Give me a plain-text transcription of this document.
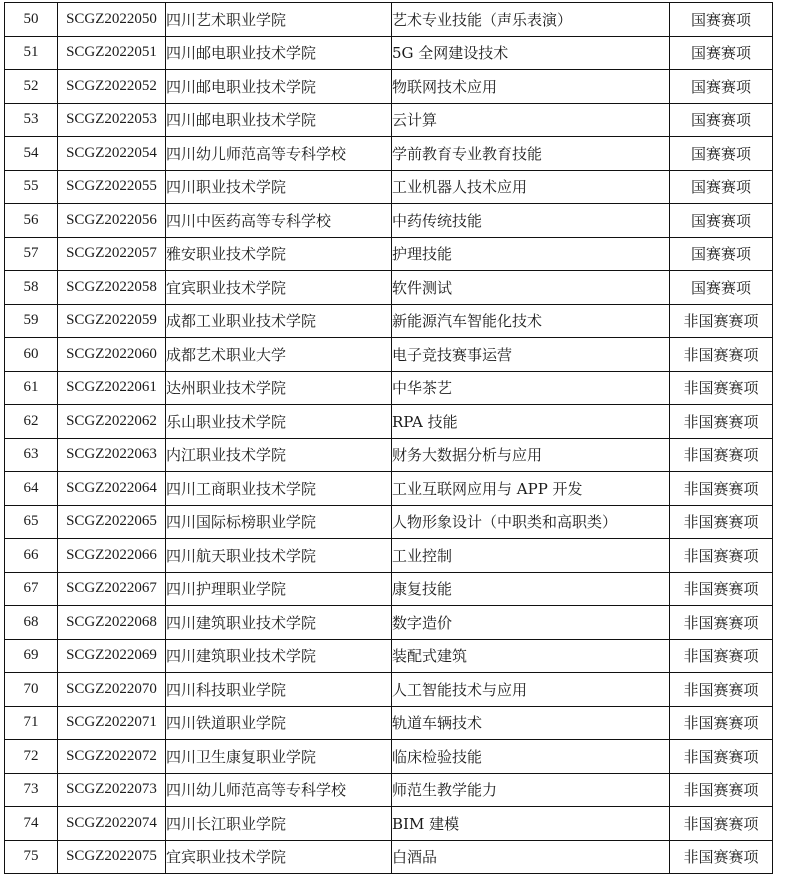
50	SCGZ2022050	四川艺术职业学院	艺术专业技能（声乐表演）	国赛赛项
51	SCGZ2022051	四川邮电职业技术学院	5G 全网建设技术	国赛赛项
52	SCGZ2022052	四川邮电职业技术学院	物联网技术应用	国赛赛项
53	SCGZ2022053	四川邮电职业技术学院	云计算	国赛赛项
54	SCGZ2022054	四川幼儿师范高等专科学校	学前教育专业教育技能	国赛赛项
55	SCGZ2022055	四川职业技术学院	工业机器人技术应用	国赛赛项
56	SCGZ2022056	四川中医药高等专科学校	中药传统技能	国赛赛项
57	SCGZ2022057	雅安职业技术学院	护理技能	国赛赛项
58	SCGZ2022058	宜宾职业技术学院	软件测试	国赛赛项
59	SCGZ2022059	成都工业职业技术学院	新能源汽车智能化技术	非国赛赛项
60	SCGZ2022060	成都艺术职业大学	电子竞技赛事运营	非国赛赛项
61	SCGZ2022061	达州职业技术学院	中华茶艺	非国赛赛项
62	SCGZ2022062	乐山职业技术学院	RPA 技能	非国赛赛项
63	SCGZ2022063	内江职业技术学院	财务大数据分析与应用	非国赛赛项
64	SCGZ2022064	四川工商职业技术学院	工业互联网应用与 APP 开发	非国赛赛项
65	SCGZ2022065	四川国际标榜职业学院	人物形象设计（中职类和高职类）	非国赛赛项
66	SCGZ2022066	四川航天职业技术学院	工业控制	非国赛赛项
67	SCGZ2022067	四川护理职业学院	康复技能	非国赛赛项
68	SCGZ2022068	四川建筑职业技术学院	数字造价	非国赛赛项
69	SCGZ2022069	四川建筑职业技术学院	装配式建筑	非国赛赛项
70	SCGZ2022070	四川科技职业学院	人工智能技术与应用	非国赛赛项
71	SCGZ2022071	四川铁道职业学院	轨道车辆技术	非国赛赛项
72	SCGZ2022072	四川卫生康复职业学院	临床检验技能	非国赛赛项
73	SCGZ2022073	四川幼儿师范高等专科学校	师范生教学能力	非国赛赛项
74	SCGZ2022074	四川长江职业学院	BIM 建模	非国赛赛项
75	SCGZ2022075	宜宾职业技术学院	白酒品	非国赛赛项
